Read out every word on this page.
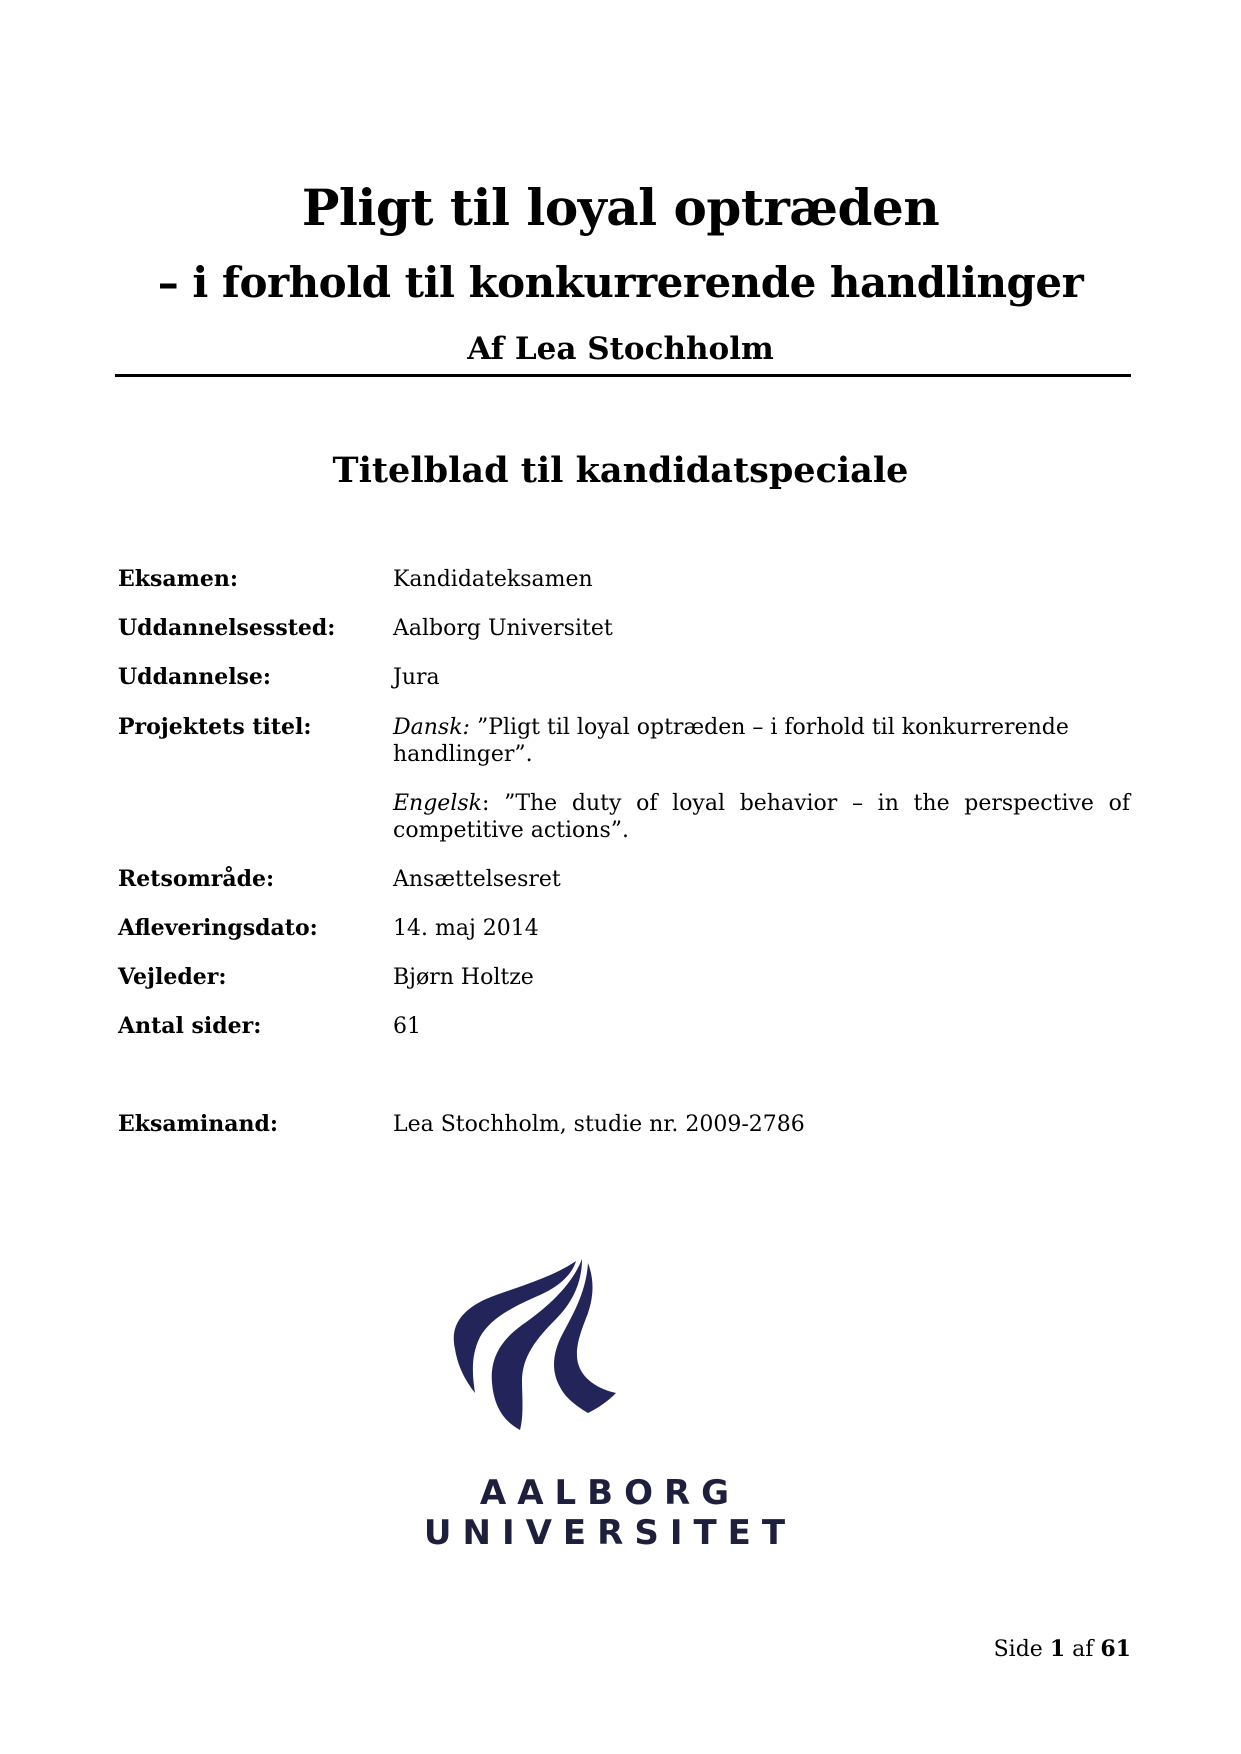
Pligt til loyal optræden
– i forhold til konkurrerende handlinger
Af Lea Stochholm
Titelblad til kandidatspeciale
Eksamen:	Kandidateksamen
Uddannelsessted:	Aalborg Universitet
Uddannelse:	Jura
Projektets titel:	Dansk: ”Pligt til loyal optræden – i forhold til konkurrerende handlinger”.
Engelsk: ”The duty of loyal behavior – in the perspective of competitive actions”.
Retsområde:	Ansættelsesret
Afleveringsdato:	14. maj 2014
Vejleder:	Bjørn Holtze
Antal sider:	61
Eksaminand:	Lea Stochholm, studie nr. 2009-2786
AALBORG UNIVERSITET
Side 1 af 61
